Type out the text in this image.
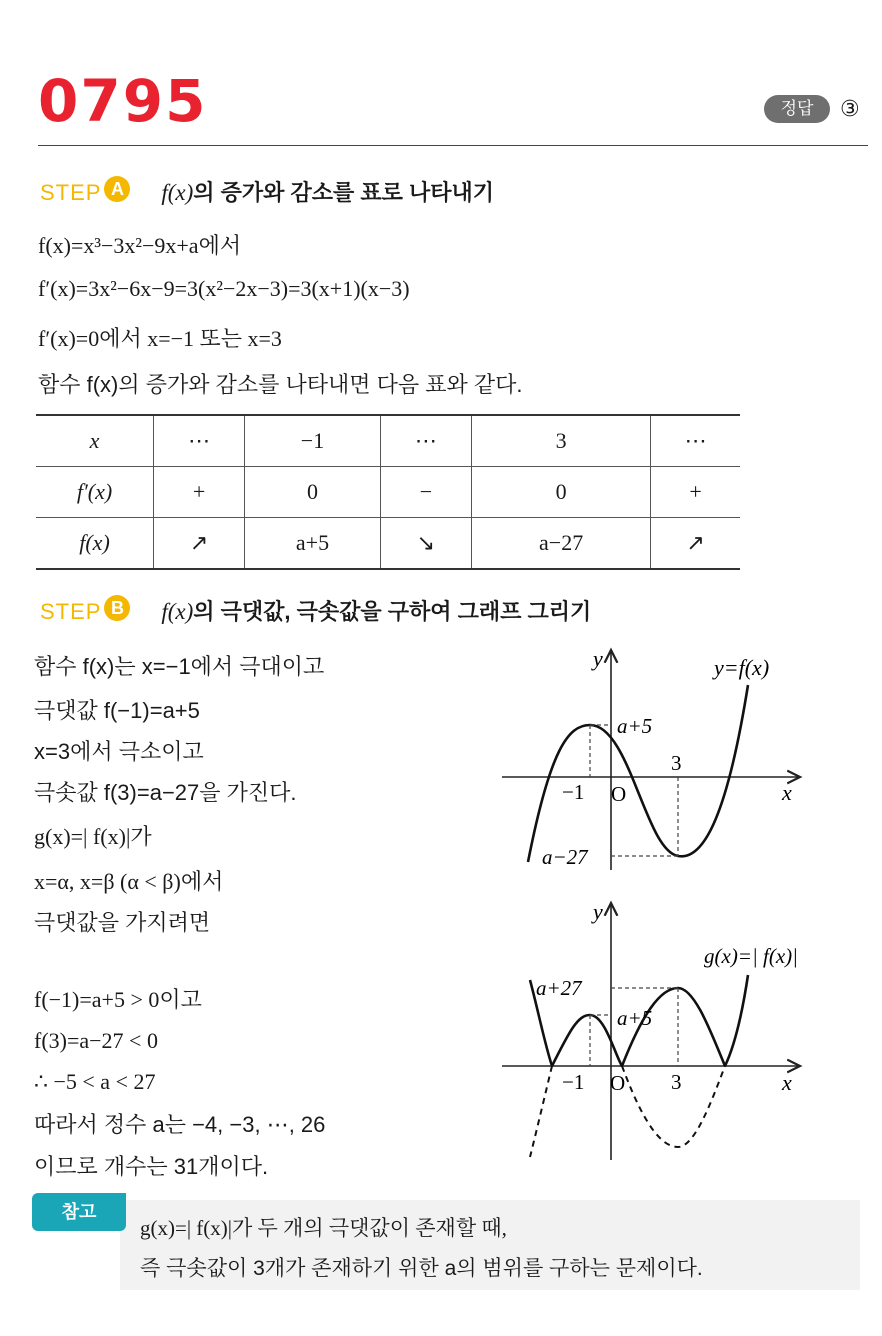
0795	정답	③
STEP A f(x)의 증가와 감소를 표로 나타내기
f(x)=x³−3x²−9x+a에서
f′(x)=3x²−6x−9=3(x²−2x−3)=3(x+1)(x−3)
f′(x)=0에서 x=−1 또는 x=3
함수 f(x)의 증가와 감소를 나타내면 다음 표와 같다.
x	⋯	−1	⋯	3	⋯
f′(x)	+	0	−	0	+
f(x)	↗	a+5	↘	a−27	↗
STEP B f(x)의 극댓값, 극솟값을 구하여 그래프 그리기
함수 f(x)는 x=−1에서 극대이고
극댓값 f(−1)=a+5
x=3에서 극소이고
극솟값 f(3)=a−27을 가진다.
g(x)=| f(x)|가
x=α, x=β (α < β)에서
극댓값을 가지려면
f(−1)=a+5 > 0이고
f(3)=a−27 < 0
∴ −5 < a < 27
따라서 정수 a는 −4, −3, ⋯, 26
이므로 개수는 31개이다.
y
x
O
y=f(x)
a+5
a−27
−1
3
y
x
O
g(x)=| f(x)|
a+27
a+5
−1	3
참고
g(x)=| f(x)|가 두 개의 극댓값이 존재할 때,
즉 극솟값이 3개가 존재하기 위한 a의 범위를 구하는 문제이다.
